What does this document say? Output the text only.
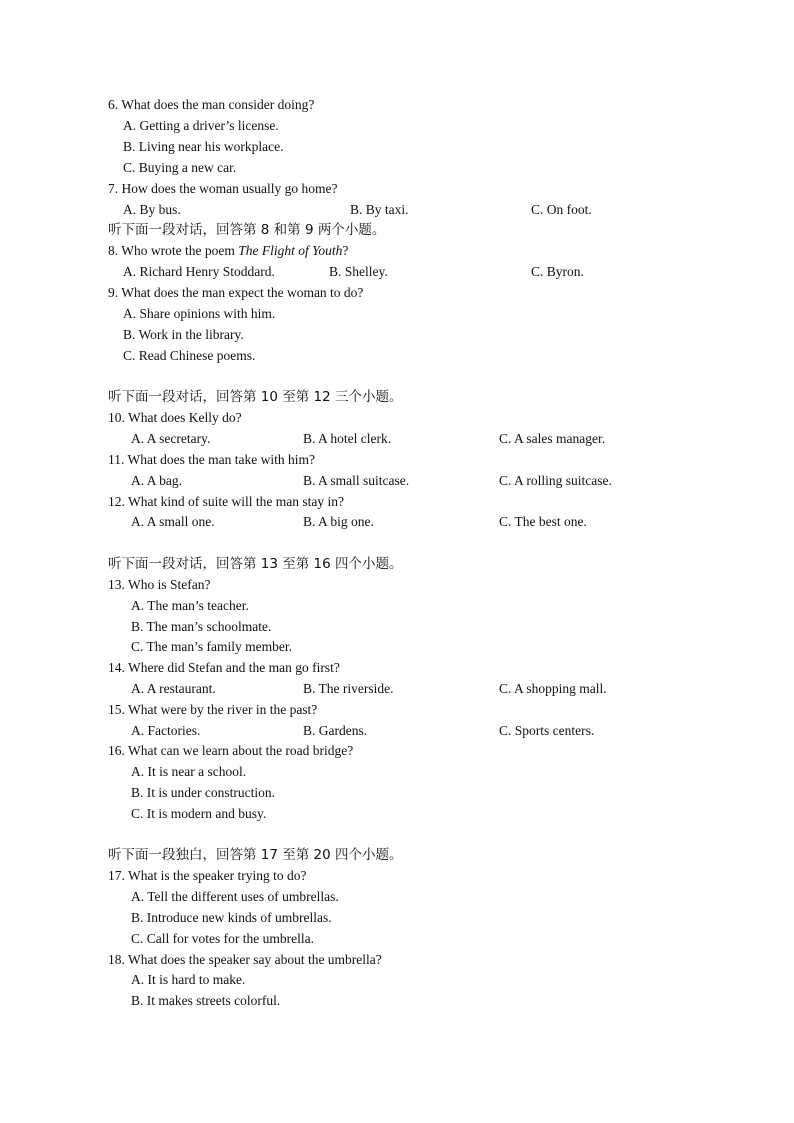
6. What does the man consider doing?
A. Getting a driver’s license.
B. Living near his workplace.
C. Buying a new car.
7. How does the woman usually go home?
A. By bus.	B. By taxi.	C. On foot.
听下面一段对话，回答第 8 和第 9 两个小题。
8. Who wrote the poem The Flight of Youth?
A. Richard Henry Stoddard.	B. Shelley.	C. Byron.
9. What does the man expect the woman to do?
A. Share opinions with him.
B. Work in the library.
C. Read Chinese poems.
听下面一段对话，回答第 10 至第 12 三个小题。
10. What does Kelly do?
A. A secretary.	B. A hotel clerk.	C. A sales manager.
11. What does the man take with him?
A. A bag.	B. A small suitcase.	C. A rolling suitcase.
12. What kind of suite will the man stay in?
A. A small one.	B. A big one.	C. The best one.
听下面一段对话，回答第 13 至第 16 四个小题。
13. Who is Stefan?
A. The man’s teacher.
B. The man’s schoolmate.
C. The man’s family member.
14. Where did Stefan and the man go first?
A. A restaurant.	B. The riverside.	C. A shopping mall.
15. What were by the river in the past?
A. Factories.	B. Gardens.	C. Sports centers.
16. What can we learn about the road bridge?
A. It is near a school.
B. It is under construction.
C. It is modern and busy.
听下面一段独白，回答第 17 至第 20 四个小题。
17. What is the speaker trying to do?
A. Tell the different uses of umbrellas.
B. Introduce new kinds of umbrellas.
C. Call for votes for the umbrella.
18. What does the speaker say about the umbrella?
A. It is hard to make.
B. It makes streets colorful.
